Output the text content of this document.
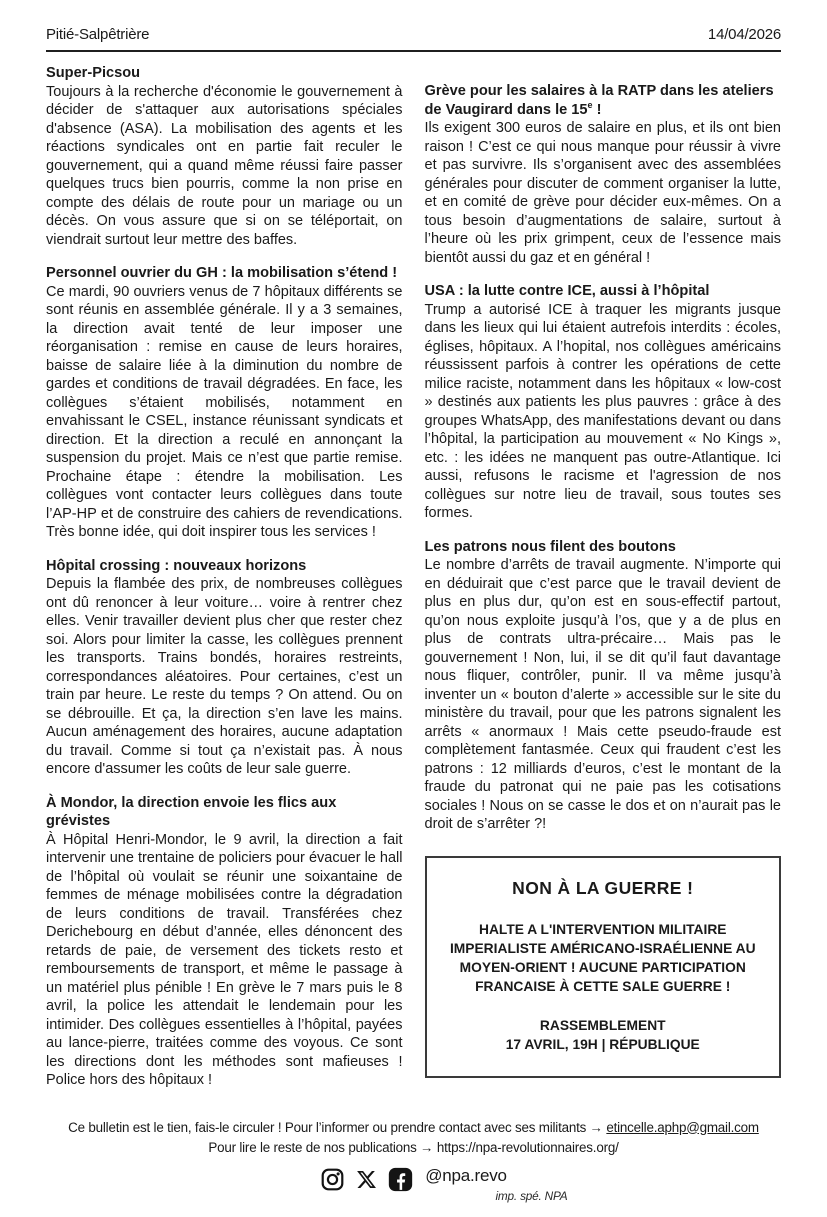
Pitié-Salpêtrière	14/04/2026
Super-Picsou

Toujours à la recherche d'économie le gouvernement à décider de s'attaquer aux autorisations spéciales d'absence (ASA). La mobilisation des agents et les réactions syndicales ont en partie fait reculer le gouvernement, qui a quand même réussi faire passer quelques trucs bien pourris, comme la non prise en compte des délais de route pour un mariage ou un décès. On vous assure que si on se téléportait, on viendrait surtout leur mettre des baffes.

Personnel ouvrier du GH : la mobilisation s’étend !

Ce mardi, 90 ouvriers venus de 7 hôpitaux différents se sont réunis en assemblée générale. Il y a 3 semaines, la direction avait tenté de leur imposer une réorganisation : remise en cause de leurs horaires, baisse de salaire liée à la diminution du nombre de gardes et conditions de travail dégradées. En face, les collègues s’étaient mobilisés, notamment en envahissant le CSEL, instance réunissant syndicats et direction. Et la direction a reculé en annonçant la suspension du projet. Mais ce n’est que partie remise. Prochaine étape : étendre la mobilisation. Les collègues vont contacter leurs collègues dans toute l’AP-HP et de construire des cahiers de revendications. Très bonne idée, qui doit inspirer tous les services !

Hôpital crossing : nouveaux horizons

Depuis la flambée des prix, de nombreuses collègues ont dû renoncer à leur voiture… voire à rentrer chez elles. Venir travailler devient plus cher que rester chez soi. Alors pour limiter la casse, les collègues prennent les transports. Trains bondés, horaires restreints, correspondances aléatoires. Pour certaines, c’est un train par heure. Le reste du temps ? On attend. Ou on se débrouille. Et ça, la direction s’en lave les mains. Aucun aménagement des horaires, aucune adaptation du travail. Comme si tout ça n’existait pas. À nous encore d'assumer les coûts de leur sale guerre.

À Mondor, la direction envoie les flics aux grévistes

À Hôpital Henri-Mondor, le 9 avril, la direction a fait intervenir une trentaine de policiers pour évacuer le hall de l’hôpital où voulait se réunir une soixantaine de femmes de ménage mobilisées contre la dégradation de leurs conditions de travail. Transférées chez Derichebourg en début d’année, elles dénoncent des retards de paie, de versement des tickets resto et remboursements de transport, et même le passage à un matériel plus pénible ! En grève le 7 mars puis le 8 avril, la police les attendait le lendemain pour les intimider. Des collègues essentielles à l’hôpital, payées au lance-pierre, traitées comme des voyous. Ce sont les directions dont les méthodes sont mafieuses ! Police hors des hôpitaux !

Grève pour les salaires à la RATP dans les ateliers de Vaugirard dans le 15e !

Ils exigent 300 euros de salaire en plus, et ils ont bien raison ! C’est ce qui nous manque pour réussir à vivre et pas survivre. Ils s’organisent avec des assemblées générales pour discuter de comment organiser la lutte, et en comité de grève pour décider eux-mêmes. On a tous besoin d’augmentations de salaire, surtout à l’heure où les prix grimpent, ceux de l’essence mais bientôt aussi du gaz et en général !

USA : la lutte contre ICE, aussi à l’hôpital

Trump a autorisé ICE à traquer les migrants jusque dans les lieux qui lui étaient autrefois interdits : écoles, églises, hôpitaux. A l’hopital, nos collègues américains réussissent parfois à contrer les opérations de cette milice raciste, notamment dans les hôpitaux « low-cost » destinés aux patients les plus pauvres : grâce à des groupes WhatsApp, des manifestations devant ou dans l’hôpital, la participation au mouvement « No Kings », etc. : les idées ne manquent pas outre-Atlantique. Ici aussi, refusons le racisme et l'agression de nos collègues sur notre lieu de travail, sous toutes ses formes.

Les patrons nous filent des boutons

Le nombre d’arrêts de travail augmente. N’importe qui en déduirait que c’est parce que le travail devient de plus en plus dur, qu’on est en sous-effectif partout, qu’on nous exploite jusqu’à l’os, que y a de plus en plus de contrats ultra-précaire… Mais pas le gouvernement ! Non, lui, il se dit qu’il faut davantage nous fliquer, contrôler, punir. Il va même jusqu’à inventer un « bouton d’alerte » accessible sur le site du ministère du travail, pour que les patrons signalent les arrêts « anormaux ! Mais cette pseudo-fraude est complètement fantasmée. Ceux qui fraudent c’est les patrons : 12 milliards d’euros, c’est le montant de la fraude du patronat qui ne paie pas les cotisations sociales ! Nous on se casse le dos et on n’aurait pas le droit de s’arrêter ?!

NON À LA GUERRE !
HALTE A L'INTERVENTION MILITAIRE IMPERIALISTE AMÉRICANO-ISRAÉLIENNE AU MOYEN-ORIENT ! AUCUNE PARTICIPATION FRANCAISE À CETTE SALE GUERRE !
RASSEMBLEMENT
17 AVRIL, 19H | RÉPUBLIQUE
Ce bulletin est le tien, fais-le circuler ! Pour l’informer ou prendre contact avec ses militants → etincelle.aphp@gmail.com
Pour lire le reste de nos publications → https://npa-revolutionnaires.org/
@npa.revo
imp. spé. NPA
